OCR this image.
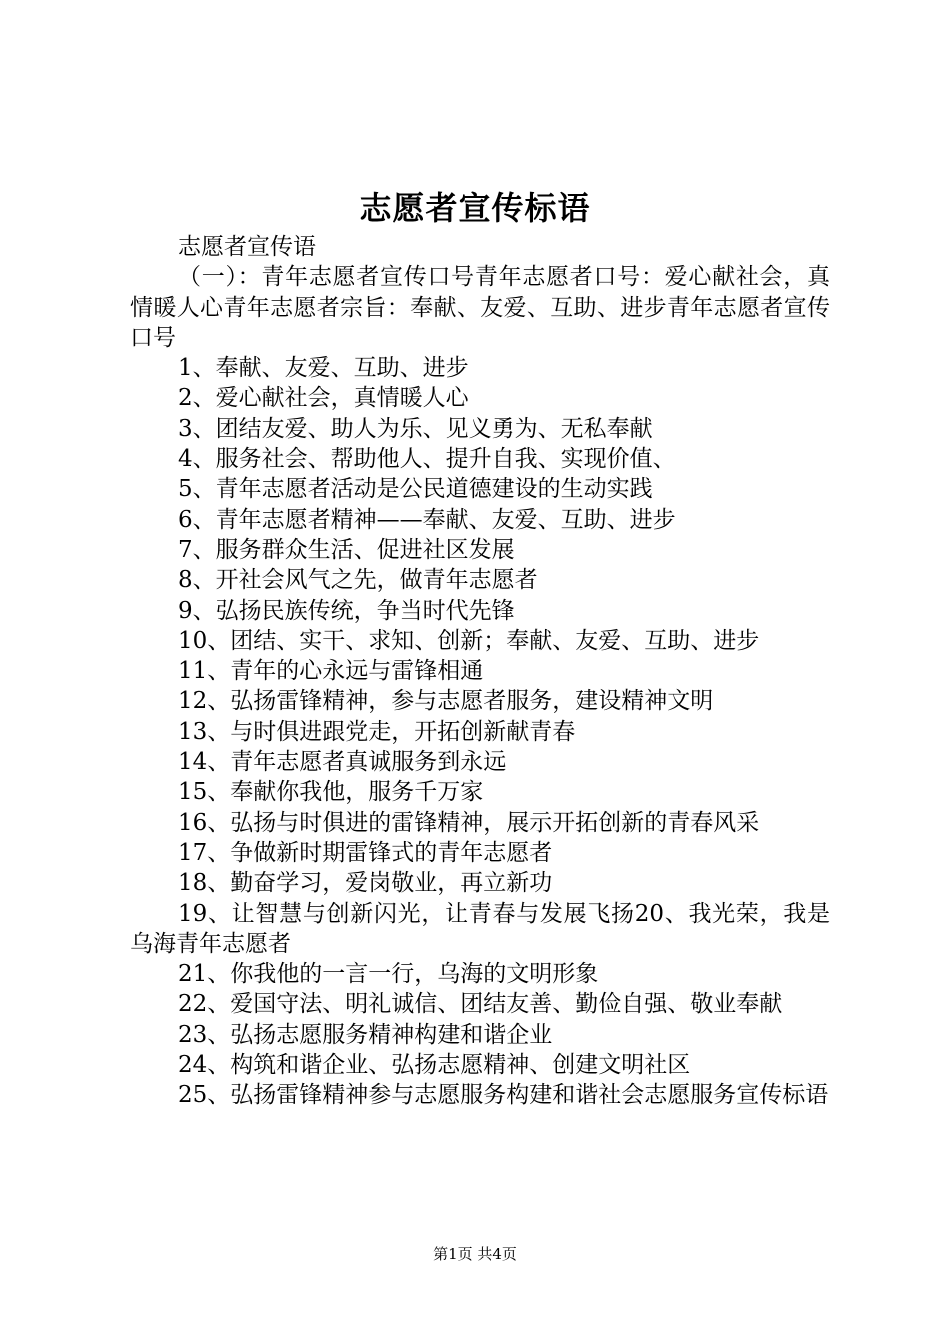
志愿者宣传标语

志愿者宣传语

（一）：青年志愿者宣传口号青年志愿者口号：爱心献社会，真情暖人心青年志愿者宗旨：奉献、友爱、互助、进步青年志愿者宣传口号

1、奉献、友爱、互助、进步

2、爱心献社会，真情暖人心

3、团结友爱、助人为乐、见义勇为、无私奉献

4、服务社会、帮助他人、提升自我、实现价值、

5、青年志愿者活动是公民道德建设的生动实践

6、青年志愿者精神——奉献、友爱、互助、进步

7、服务群众生活、促进社区发展

8、开社会风气之先，做青年志愿者

9、弘扬民族传统，争当时代先锋

10、团结、实干、求知、创新；奉献、友爱、互助、进步

11、青年的心永远与雷锋相通

12、弘扬雷锋精神，参与志愿者服务，建设精神文明

13、与时俱进跟党走，开拓创新献青春

14、青年志愿者真诚服务到永远

15、奉献你我他，服务千万家

16、弘扬与时俱进的雷锋精神，展示开拓创新的青春风采

17、争做新时期雷锋式的青年志愿者

18、勤奋学习，爱岗敬业，再立新功

19、让智慧与创新闪光，让青春与发展飞扬20、我光荣，我是乌海青年志愿者

21、你我他的一言一行，乌海的文明形象

22、爱国守法、明礼诚信、团结友善、勤俭自强、敬业奉献

23、弘扬志愿服务精神构建和谐企业

24、构筑和谐企业、弘扬志愿精神、创建文明社区

25、弘扬雷锋精神参与志愿服务构建和谐社会志愿服务宣传标语

第1页 共4页
